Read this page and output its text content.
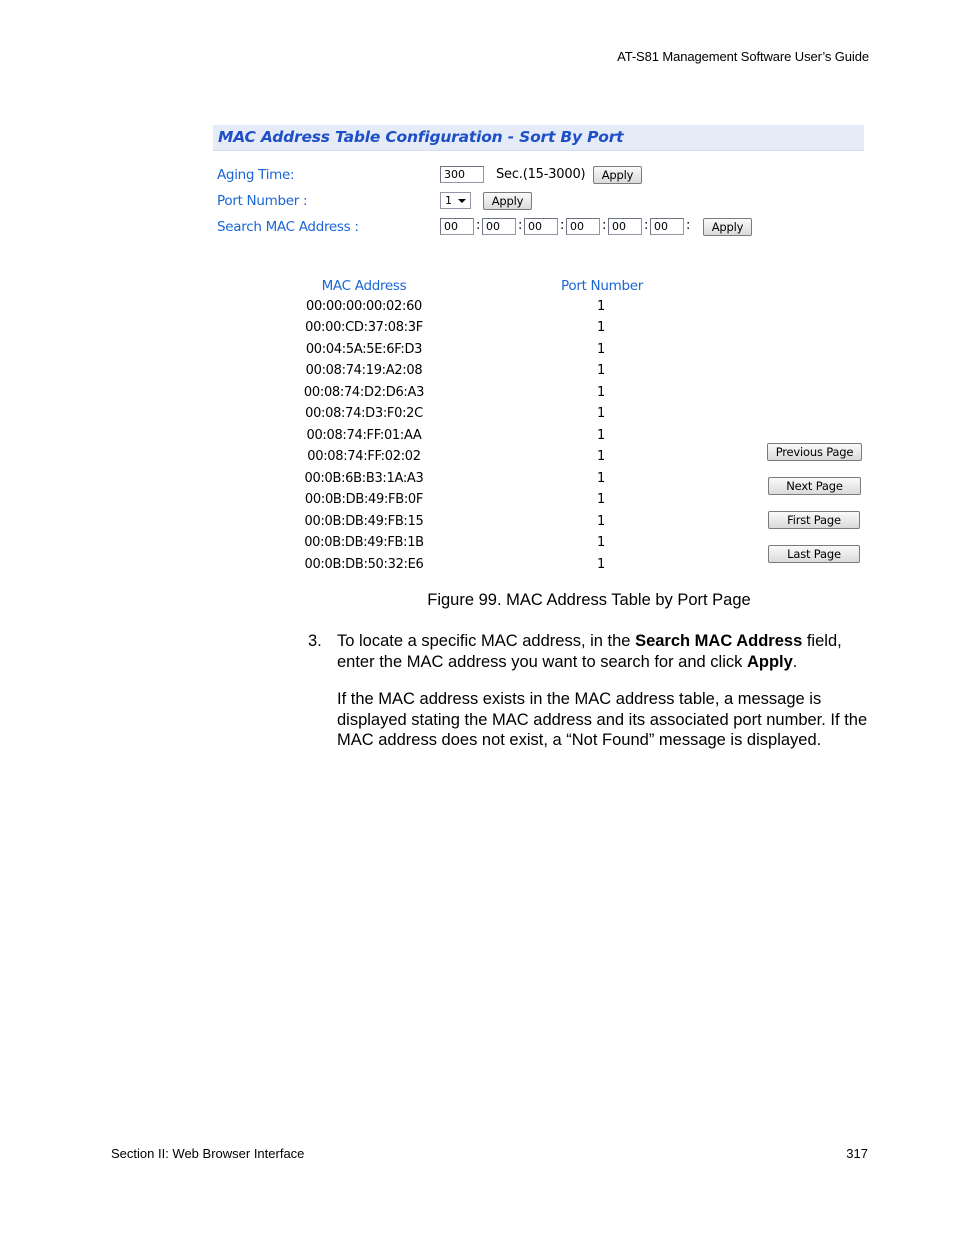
AT-S81 Management Software User’s Guide
MAC Address Table Configuration - Sort By Port
Aging Time:	300	Sec.(15-3000)	Apply
Port Number :	1	Apply
Search MAC Address :	00	: 00	: 00	: 00	: 00	: 00	:	Apply
MAC Address	Port Number
00:00:00:00:02:60	1
00:00:CD:37:08:3F	1
00:04:5A:5E:6F:D3	1
00:08:74:19:A2:08	1
00:08:74:D2:D6:A3	1
00:08:74:D3:F0:2C	1
00:08:74:FF:01:AA	1
00:08:74:FF:02:02	1
00:0B:6B:B3:1A:A3	1
00:0B:DB:49:FB:0F	1
00:0B:DB:49:FB:15	1
00:0B:DB:49:FB:1B	1
00:0B:DB:50:32:E6	1
Previous Page
Next Page
First Page
Last Page
Figure 99. MAC Address Table by Port Page
3. To locate a specific MAC address, in the Search MAC Address field, enter the MAC address you want to search for and click Apply.
If the MAC address exists in the MAC address table, a message is displayed stating the MAC address and its associated port number. If the MAC address does not exist, a “Not Found” message is displayed.
Section II: Web Browser Interface	317
